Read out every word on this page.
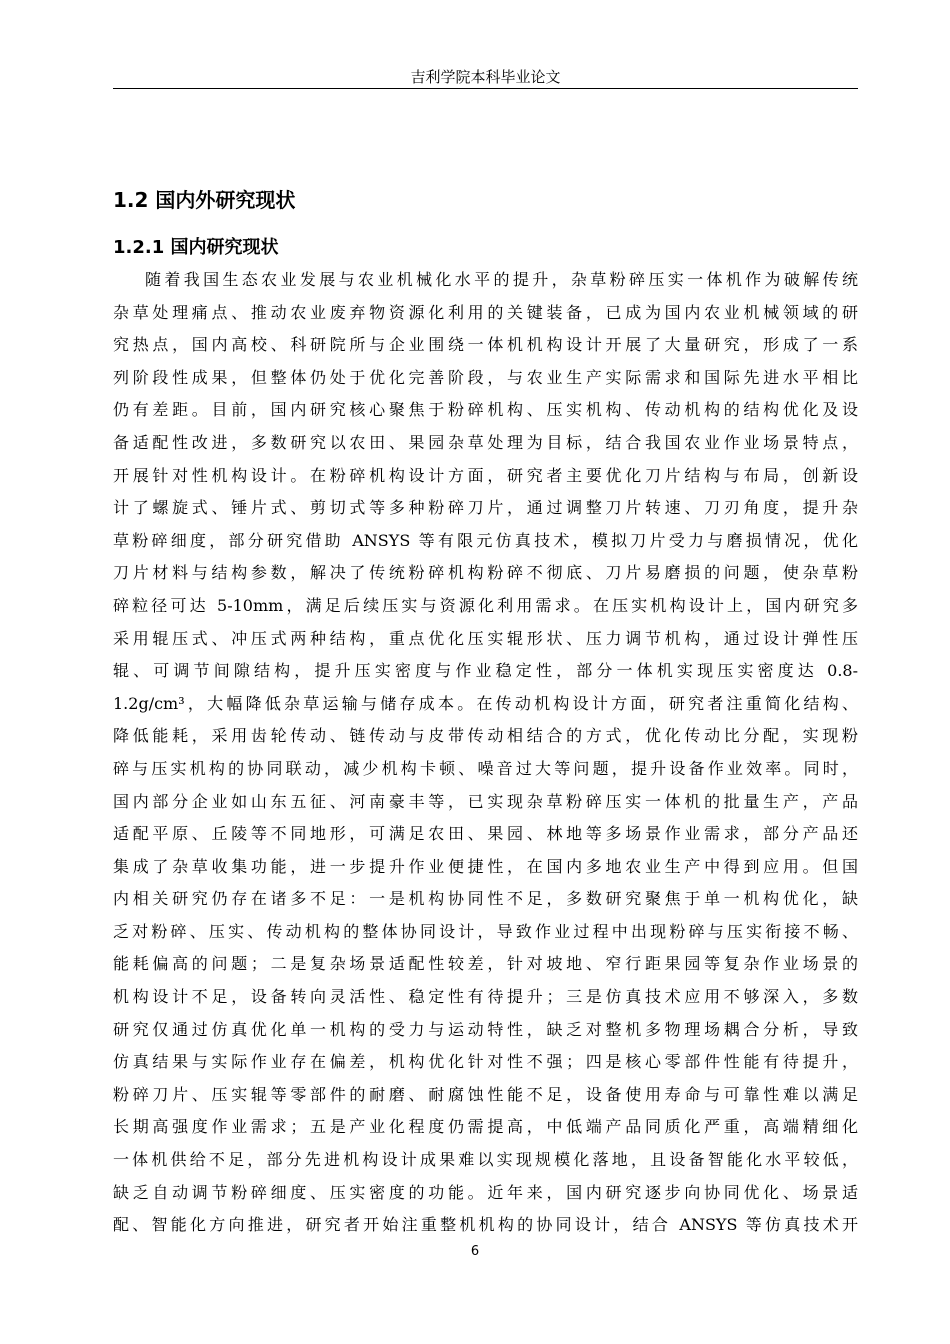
吉利学院本科毕业论文
1.2 国内外研究现状
1.2.1 国内研究现状
随着我国生态农业发展与农业机械化水平的提升，杂草粉碎压实一体机作为破解传统
杂草处理痛点、推动农业废弃物资源化利用的关键装备，已成为国内农业机械领域的研
究热点，国内高校、科研院所与企业围绕一体机机构设计开展了大量研究，形成了一系
列阶段性成果，但整体仍处于优化完善阶段，与农业生产实际需求和国际先进水平相比
仍有差距。目前，国内研究核心聚焦于粉碎机构、压实机构、传动机构的结构优化及设
备适配性改进，多数研究以农田、果园杂草处理为目标，结合我国农业作业场景特点，
开展针对性机构设计。在粉碎机构设计方面，研究者主要优化刀片结构与布局，创新设
计了螺旋式、锤片式、剪切式等多种粉碎刀片，通过调整刀片转速、刀刃角度，提升杂
草粉碎细度，部分研究借助 ANSYS 等有限元仿真技术，模拟刀片受力与磨损情况，优化
刀片材料与结构参数，解决了传统粉碎机构粉碎不彻底、刀片易磨损的问题，使杂草粉
碎粒径可达 5-10mm，满足后续压实与资源化利用需求。在压实机构设计上，国内研究多
采用辊压式、冲压式两种结构，重点优化压实辊形状、压力调节机构，通过设计弹性压
辊、可调节间隙结构，提升压实密度与作业稳定性，部分一体机实现压实密度达 0.8-
1.2g/cm³，大幅降低杂草运输与储存成本。在传动机构设计方面，研究者注重简化结构、
降低能耗，采用齿轮传动、链传动与皮带传动相结合的方式，优化传动比分配，实现粉
碎与压实机构的协同联动，减少机构卡顿、噪音过大等问题，提升设备作业效率。同时，
国内部分企业如山东五征、河南豪丰等，已实现杂草粉碎压实一体机的批量生产，产品
适配平原、丘陵等不同地形，可满足农田、果园、林地等多场景作业需求，部分产品还
集成了杂草收集功能，进一步提升作业便捷性，在国内多地农业生产中得到应用。但国
内相关研究仍存在诸多不足：一是机构协同性不足，多数研究聚焦于单一机构优化，缺
乏对粉碎、压实、传动机构的整体协同设计，导致作业过程中出现粉碎与压实衔接不畅、
能耗偏高的问题；二是复杂场景适配性较差，针对坡地、窄行距果园等复杂作业场景的
机构设计不足，设备转向灵活性、稳定性有待提升；三是仿真技术应用不够深入，多数
研究仅通过仿真优化单一机构的受力与运动特性，缺乏对整机多物理场耦合分析，导致
仿真结果与实际作业存在偏差，机构优化针对性不强；四是核心零部件性能有待提升，
粉碎刀片、压实辊等零部件的耐磨、耐腐蚀性能不足，设备使用寿命与可靠性难以满足
长期高强度作业需求；五是产业化程度仍需提高，中低端产品同质化严重，高端精细化
一体机供给不足，部分先进机构设计成果难以实现规模化落地，且设备智能化水平较低，
缺乏自动调节粉碎细度、压实密度的功能。近年来，国内研究逐步向协同优化、场景适
配、智能化方向推进，研究者开始注重整机机构的协同设计，结合 ANSYS 等仿真技术开
6
